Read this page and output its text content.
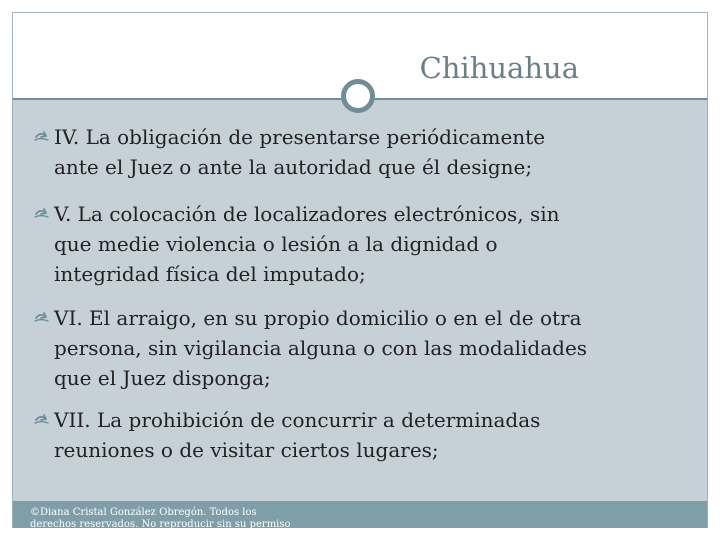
Chihuahua
IV. La obligación de presentarse periódicamente
ante el Juez o ante la autoridad que él designe;
V. La colocación de localizadores electrónicos, sin
que medie violencia o lesión a la dignidad o
integridad física del imputado;
VI. El arraigo, en su propio domicilio o en el de otra
persona, sin vigilancia alguna o con las modalidades
que el Juez disponga;
VII. La prohibición de concurrir a determinadas
reuniones o de visitar ciertos lugares;
©Diana Cristal González Obregón. Todos los derechos reservados. No reproducir sin su permiso
